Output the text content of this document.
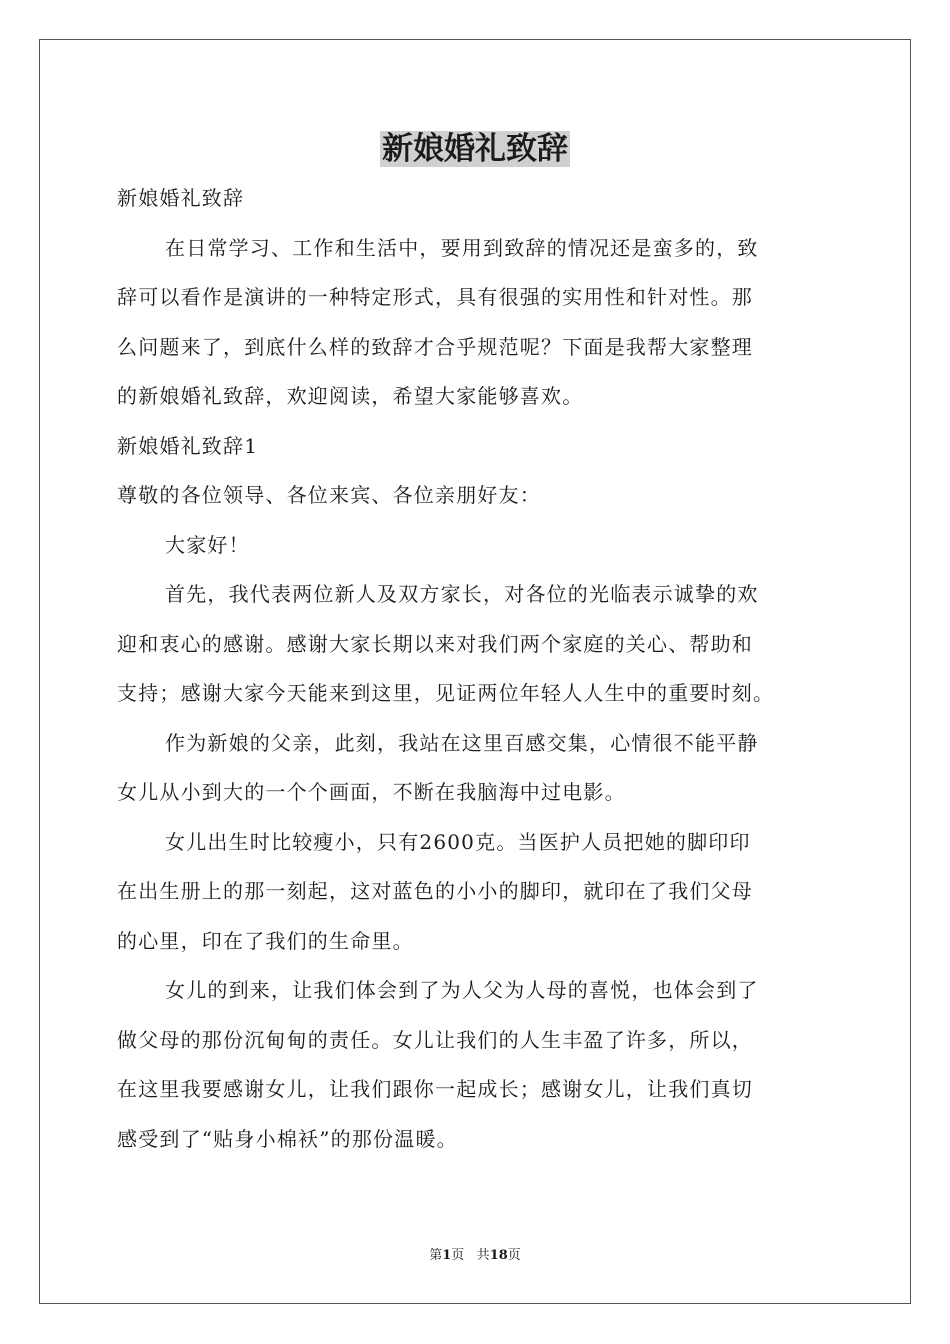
新娘婚礼致辞

新娘婚礼致辞

在日常学习、工作和生活中，要用到致辞的情况还是蛮多的，致

辞可以看作是演讲的一种特定形式，具有很强的实用性和针对性。那

么问题来了，到底什么样的致辞才合乎规范呢？下面是我帮大家整理

的新娘婚礼致辞，欢迎阅读，希望大家能够喜欢。

新娘婚礼致辞1

尊敬的各位领导、各位来宾、各位亲朋好友：

大家好！

首先，我代表两位新人及双方家长，对各位的光临表示诚挚的欢

迎和衷心的感谢。感谢大家长期以来对我们两个家庭的关心、帮助和

支持；感谢大家今天能来到这里，见证两位年轻人人生中的重要时刻。

作为新娘的父亲，此刻，我站在这里百感交集，心情很不能平静

女儿从小到大的一个个画面，不断在我脑海中过电影。

女儿出生时比较瘦小，只有2600克。当医护人员把她的脚印印

在出生册上的那一刻起，这对蓝色的小小的脚印，就印在了我们父母

的心里，印在了我们的生命里。

女儿的到来，让我们体会到了为人父为人母的喜悦，也体会到了

做父母的那份沉甸甸的责任。女儿让我们的人生丰盈了许多，所以，

在这里我要感谢女儿，让我们跟你一起成长；感谢女儿，让我们真切

感受到了“贴身小棉袄”的那份温暖。

第1页 共18页
